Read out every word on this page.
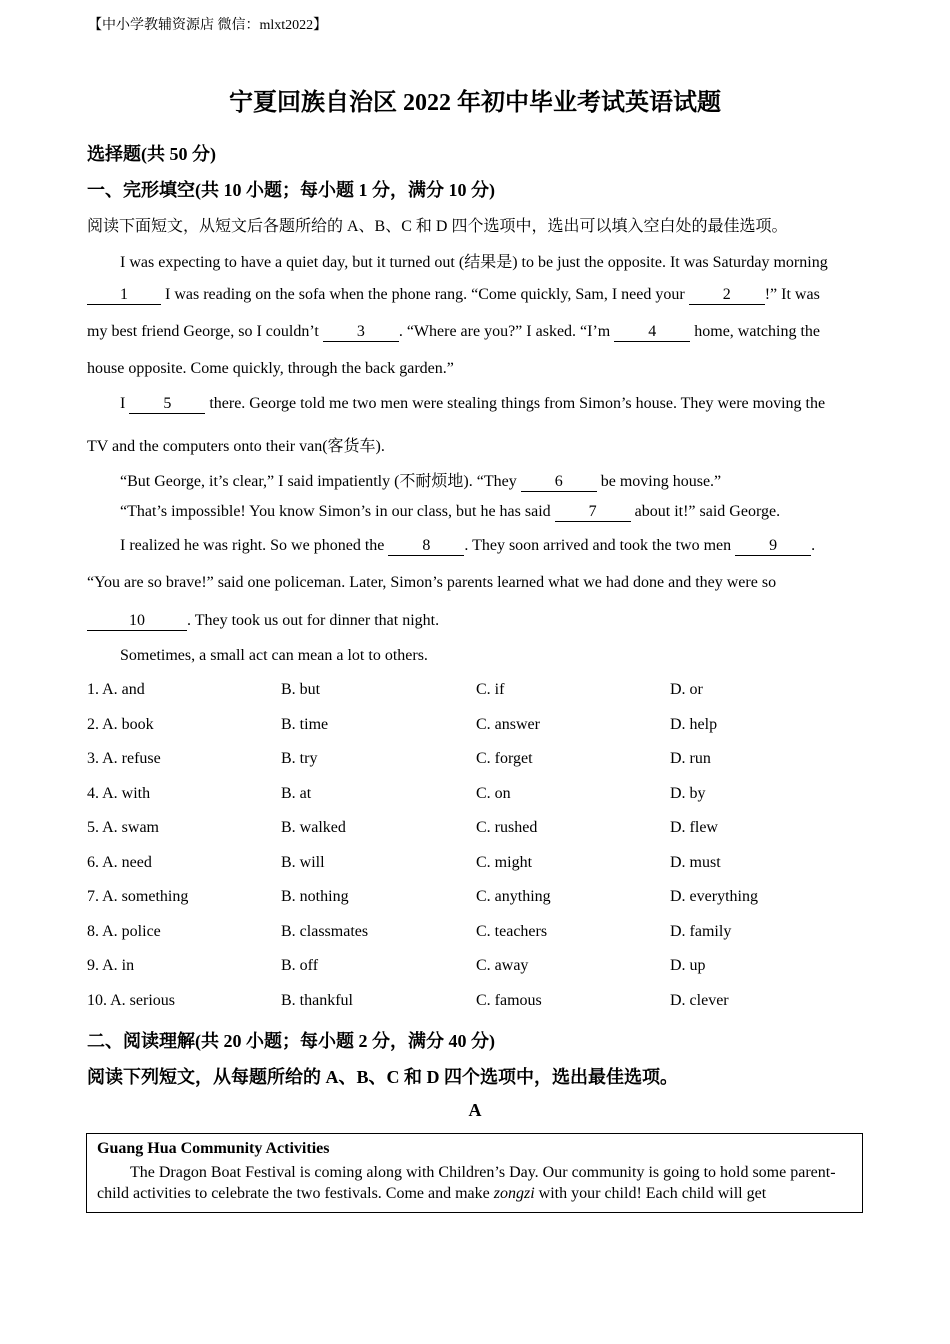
【中小学教辅资源店 微信：mlxt2022】
宁夏回族自治区 2022 年初中毕业考试英语试题
选择题(共 50 分)
一、完形填空(共 10 小题；每小题 1 分，满分 10 分)
阅读下面短文，从短文后各题所给的 A、B、C 和 D 四个选项中，选出可以填入空白处的最佳选项。
I was expecting to have a quiet day, but it turned out (结果是) to be just the opposite. It was Saturday morning
1 I was reading on the sofa when the phone rang. “Come quickly, Sam, I need your 2 !” It was
my best friend George, so I couldn’t 3 . “Where are you?” I asked. “I’m 4 home, watching the
house opposite. Come quickly, through the back garden.”
I 5 there. George told me two men were stealing things from Simon’s house. They were moving the
TV and the computers onto their van(客货车).
“But George, it’s clear,” I said impatiently (不耐烦地). “They 6 be moving house.”
“That’s impossible! You know Simon’s in our class, but he has said 7 about it!” said George.
I realized he was right. So we phoned the 8 . They soon arrived and took the two men 9 .
“You are so brave!” said one policeman. Later, Simon’s parents learned what we had done and they were so
10	. They took us out for dinner that night.
Sometimes, a small act can mean a lot to others.
1. A. and	B. but	C. if	D. or
2. A. book	B. time	C. answer	D. help
3. A. refuse	B. try	C. forget	D. run
4. A. with	B. at	C. on	D. by
5. A. swam	B. walked	C. rushed	D. flew
6. A. need	B. will	C. might	D. must
7. A. something	B. nothing	C. anything	D. everything
8. A. police	B. classmates	C. teachers	D. family
9. A. in	B. off	C. away	D. up
10. A. serious	B. thankful	C. famous	D. clever
二、阅读理解(共 20 小题；每小题 2 分，满分 40 分)
阅读下列短文，从每题所给的 A、B、C 和 D 四个选项中，选出最佳选项。
A
Guang Hua Community Activities
The Dragon Boat Festival is coming along with Children’s Day. Our community is going to hold some parent-child activities to celebrate the two festivals. Come and make zongzi with your child! Each child will get
